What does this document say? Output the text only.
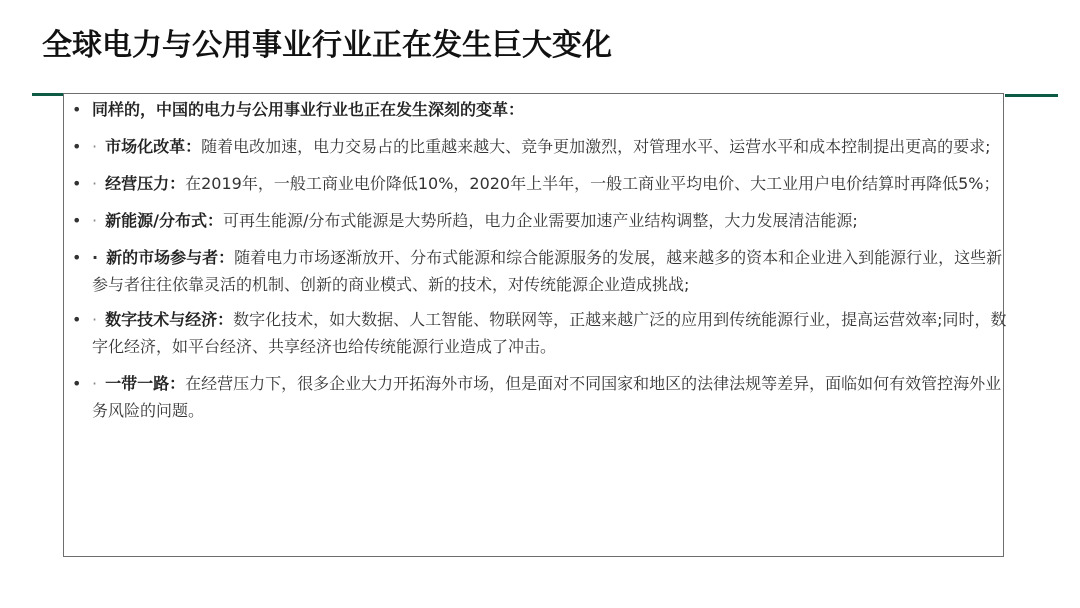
全球电力与公用事业行业正在发生巨大变化
• 同样的，中国的电力与公用事业行业也正在发生深刻的变革：
• · 市场化改革：随着电改加速，电力交易占的比重越来越大、竞争更加激烈，对管理水平、运营水平和成本控制提出更高的要求;
• · 经营压力：在2019年，一般工商业电价降低10%，2020年上半年，一般工商业平均电价、大工业用户电价结算时再降低5%；
• · 新能源/分布式：可再生能源/分布式能源是大势所趋，电力企业需要加速产业结构调整，大力发展清洁能源;
• · 新的市场参与者：随着电力市场逐渐放开、分布式能源和综合能源服务的发展，越来越多的资本和企业进入到能源行业，这些新参与者往往依靠灵活的机制、创新的商业模式、新的技术，对传统能源企业造成挑战;
• · 数字技术与经济：数字化技术，如大数据、人工智能、物联网等，正越来越广泛的应用到传统能源行业，提高运营效率;同时，数字化经济，如平台经济、共享经济也给传统能源行业造成了冲击。
• · 一带一路：在经营压力下，很多企业大力开拓海外市场，但是面对不同国家和地区的法律法规等差异，面临如何有效管控海外业务风险的问题。
